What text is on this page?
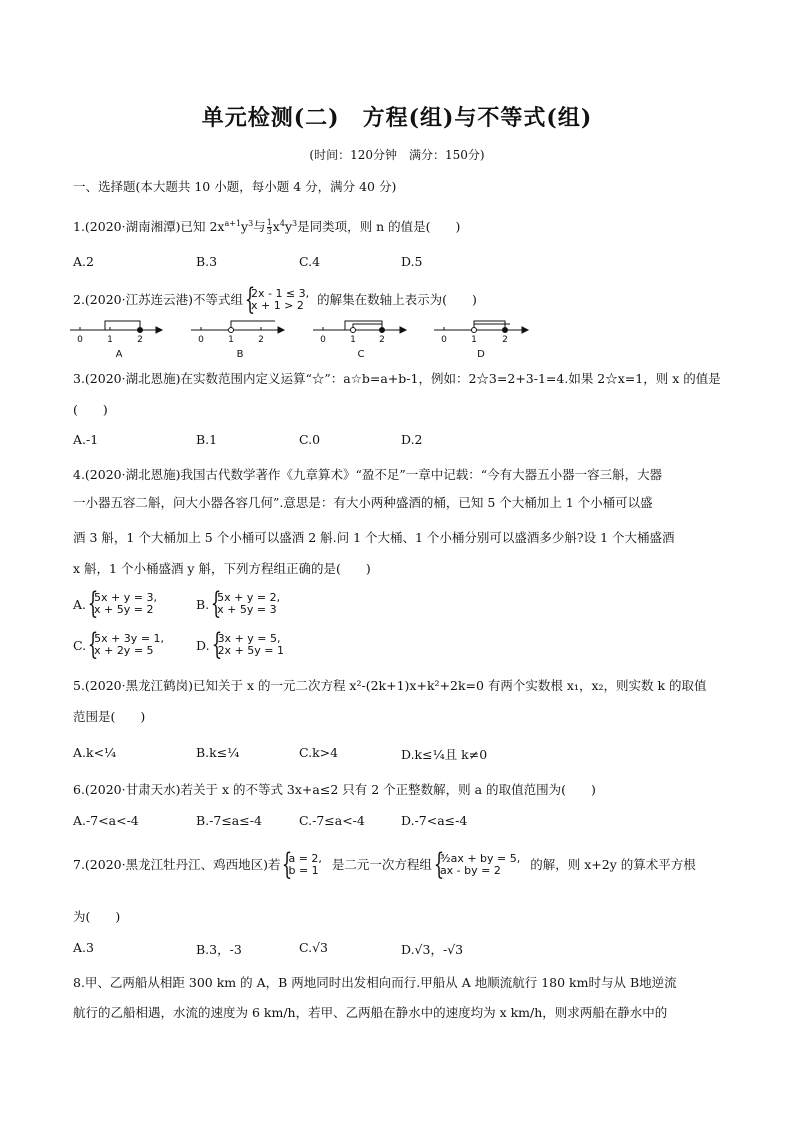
单元检测(二)　方程(组)与不等式(组)
(时间：120分钟　满分：150分)
一、选择题(本大题共 10 小题，每小题 4 分，满分 40 分)
1.(2020·湖南湘潭)已知 $2x^{a+1}y^3$与 $\frac{1}{3} x^4y^3$是同类项，则 n 的值是(　　)
A.2	B.3	C.4	D.5
2.(2020·江苏连云港)不等式组 {
2x - 1 ≤ 3,
x + 1 > 2	的解集在数轴上表示为(　　)
0	1	2	0	1	2	0	1	2	0	1	2
A	B	C	D
3.(2020·湖北恩施)在实数范围内定义运算“☆”：a☆b=a+b-1，例如：2☆3=2+3-1=4.如果 2☆x=1，则 x 的值是
(　　)
A.-1	B.1	C.0	D.2
4.(2020·湖北恩施)我国古代数学著作《九章算术》“盈不足”一章中记载：“今有大器五小器一容三斛，大器
一小器五容二斛，问大小器各容几何”.意思是：有大小两种盛酒的桶，已知 5 个大桶加上 1 个小桶可以盛
酒 3 斛，1 个大桶加上 5 个小桶可以盛酒 2 斛.问 1 个大桶、1 个小桶分别可以盛酒多少斛?设 1 个大桶盛酒
x 斛，1 个小桶盛酒 y 斛，下列方程组正确的是(　　)
A. {
5x + y = 3,
x + 5y = 2	B. {
5x + y = 2,
x + 5y = 3
C. {
5x + 3y = 1,
x + 2y = 5	D. {
3x + y = 5,
2x + 5y = 1
5.(2020·黑龙江鹤岗)已知关于 x 的一元二次方程 x²-(2k+1)x+k²+2k=0 有两个实数根 x₁，x₂，则实数 k 的取值
范围是(　　)
A.k<¼	B.k≤¼	C.k>4	D.k≤¼且 k≠0
6.(2020·甘肃天水)若关于 x 的不等式 3x+a≤2 只有 2 个正整数解，则 a 的取值范围为(　　)
A.-7<a<-4	B.-7≤a≤-4	C.-7≤a<-4	D.-7<a≤-4
7.(2020·黑龙江牡丹江、鸡西地区)若 {
a = 2,
b = 1 是二元一次方程组 {
³⁄₂ax + by = 5,
ax - by = 2	的解，则 x+2y 的算术平方根
为(　　)
A.3	B.3，-3	C.√3	D.√3，-√3
8.甲、乙两船从相距 300 km 的 A，B 两地同时出发相向而行.甲船从 A 地顺流航行 180 km时与从 B地逆流
航行的乙船相遇，水流的速度为 6 km/h，若甲、乙两船在静水中的速度均为 x km/h，则求两船在静水中的
